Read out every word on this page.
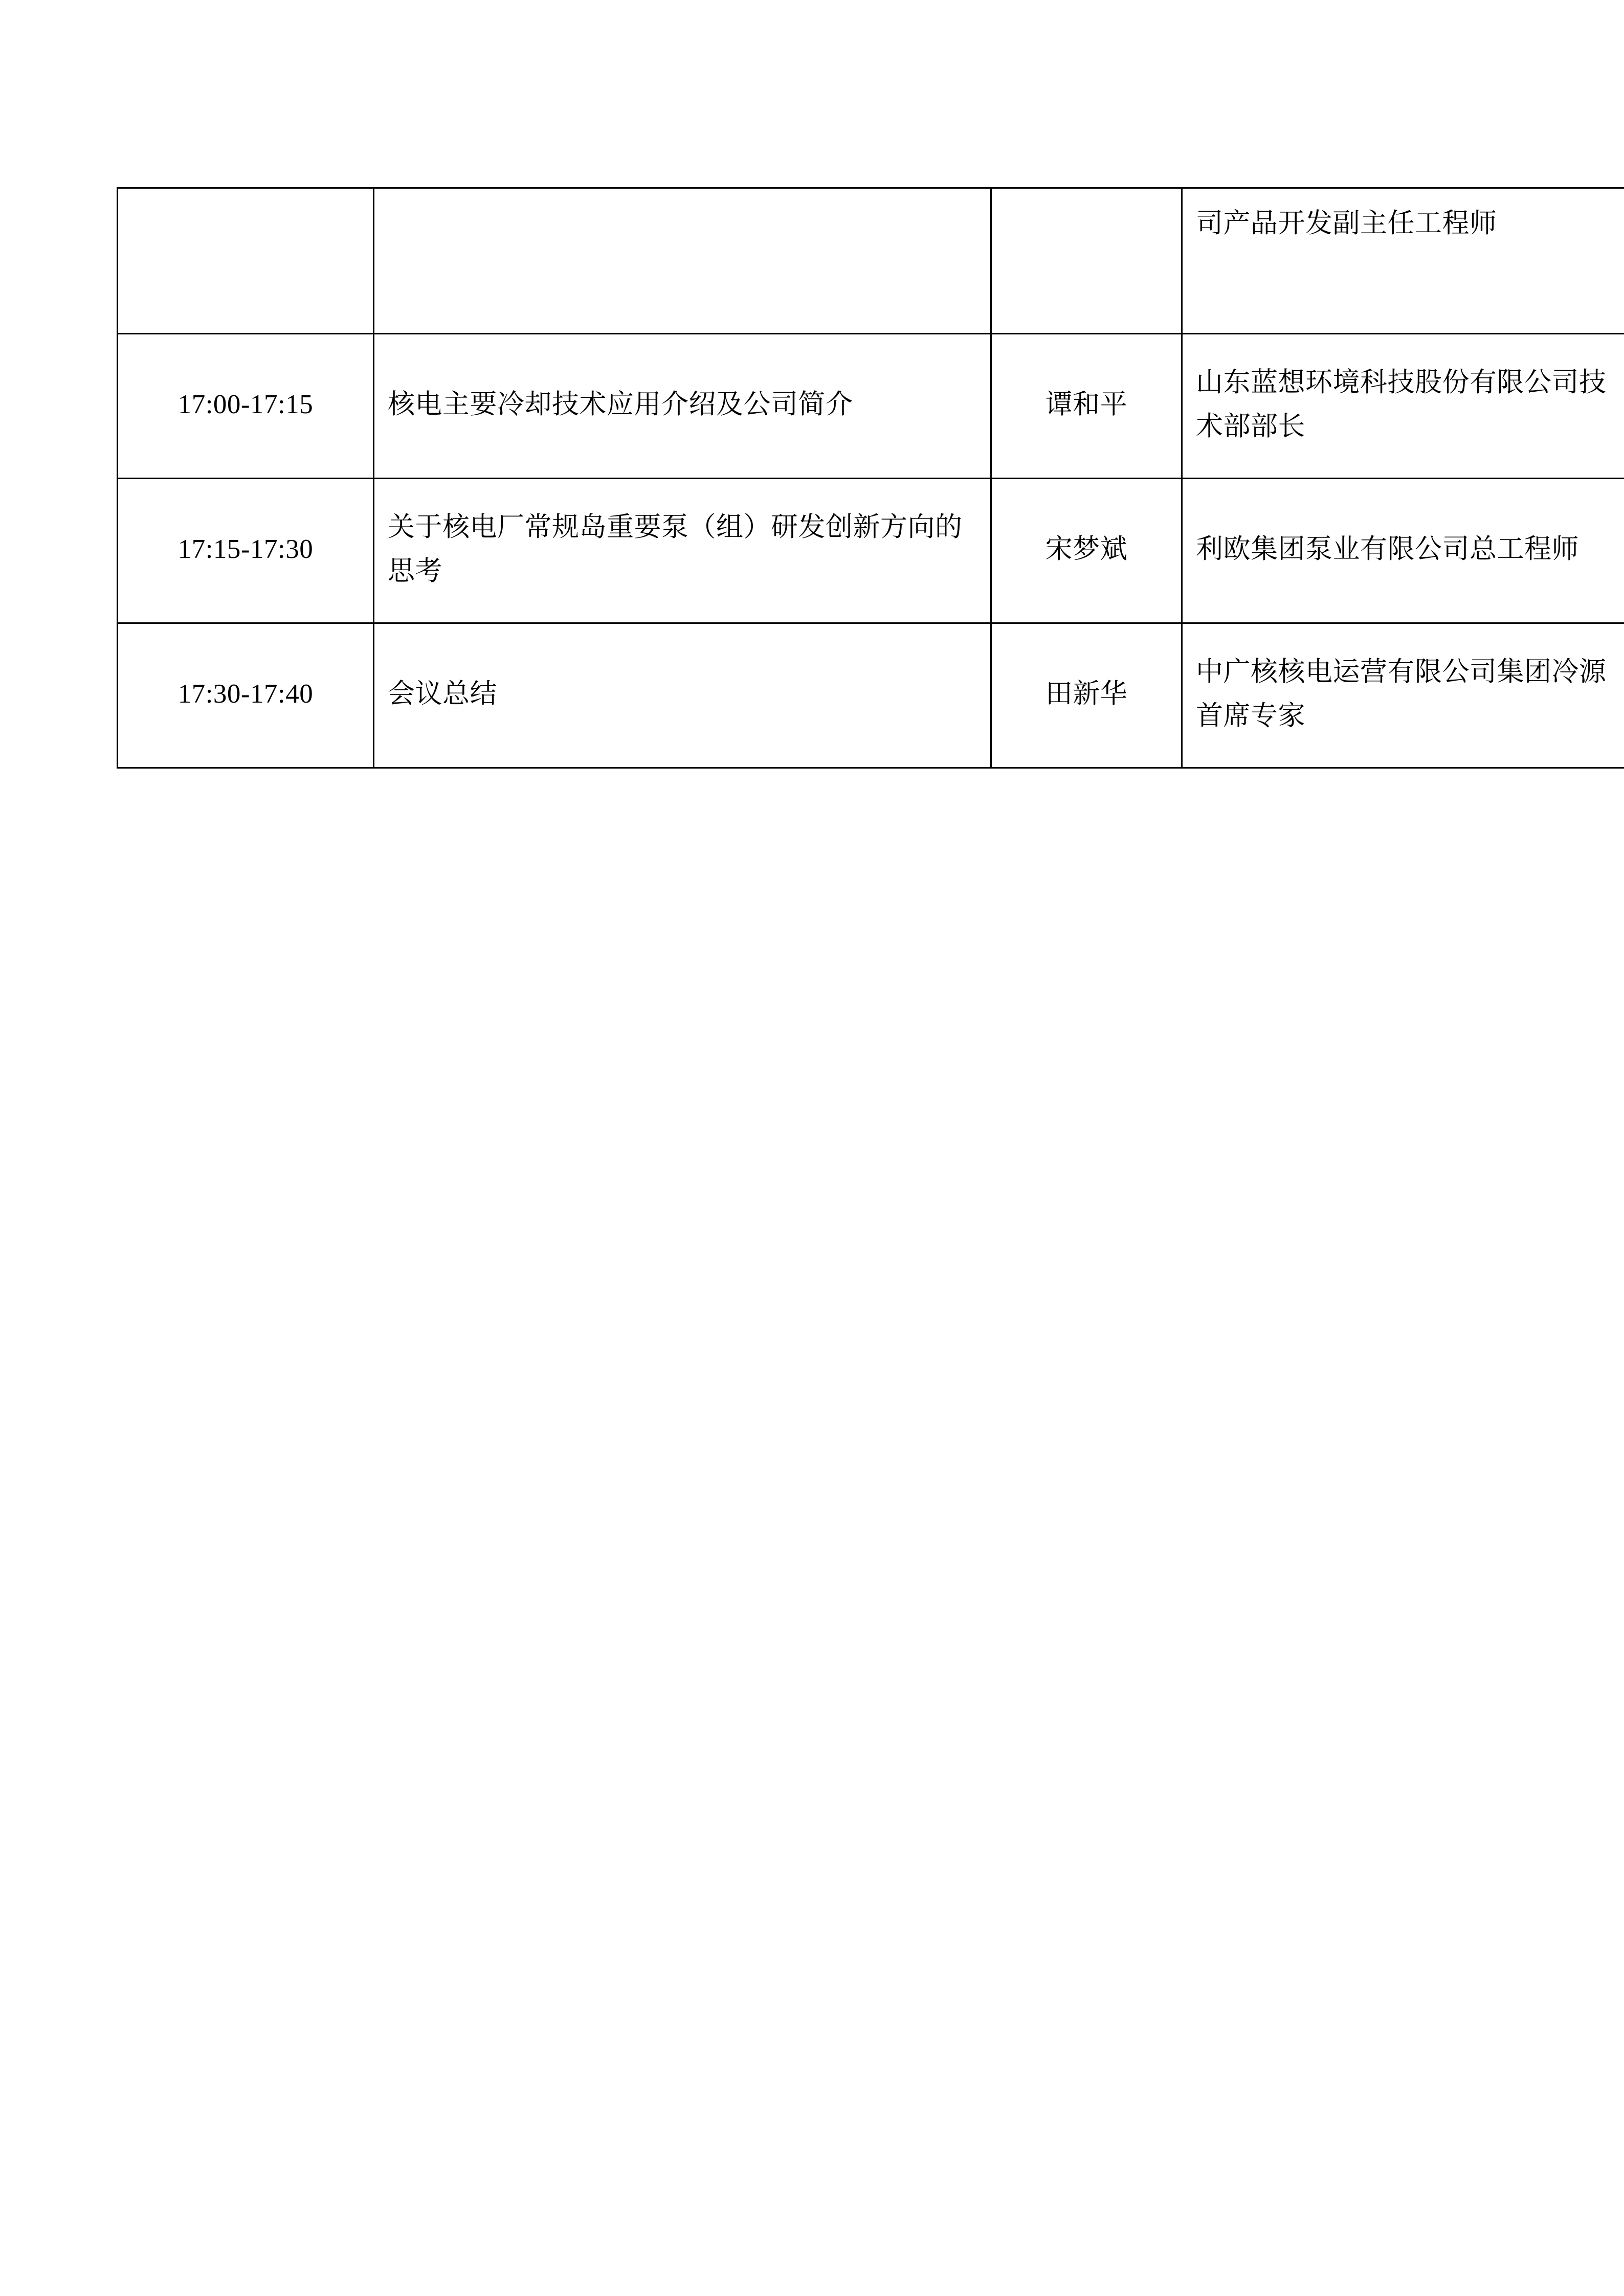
			司产品开发副主任工程师
17:00-17:15	核电主要冷却技术应用介绍及公司简介	谭和平	山东蓝想环境科技股份有限公司技术部部长
17:15-17:30	关于核电厂常规岛重要泵（组）研发创新方向的思考	宋梦斌	利欧集团泵业有限公司总工程师
17:30-17:40	会议总结	田新华	中广核核电运营有限公司集团冷源首席专家
